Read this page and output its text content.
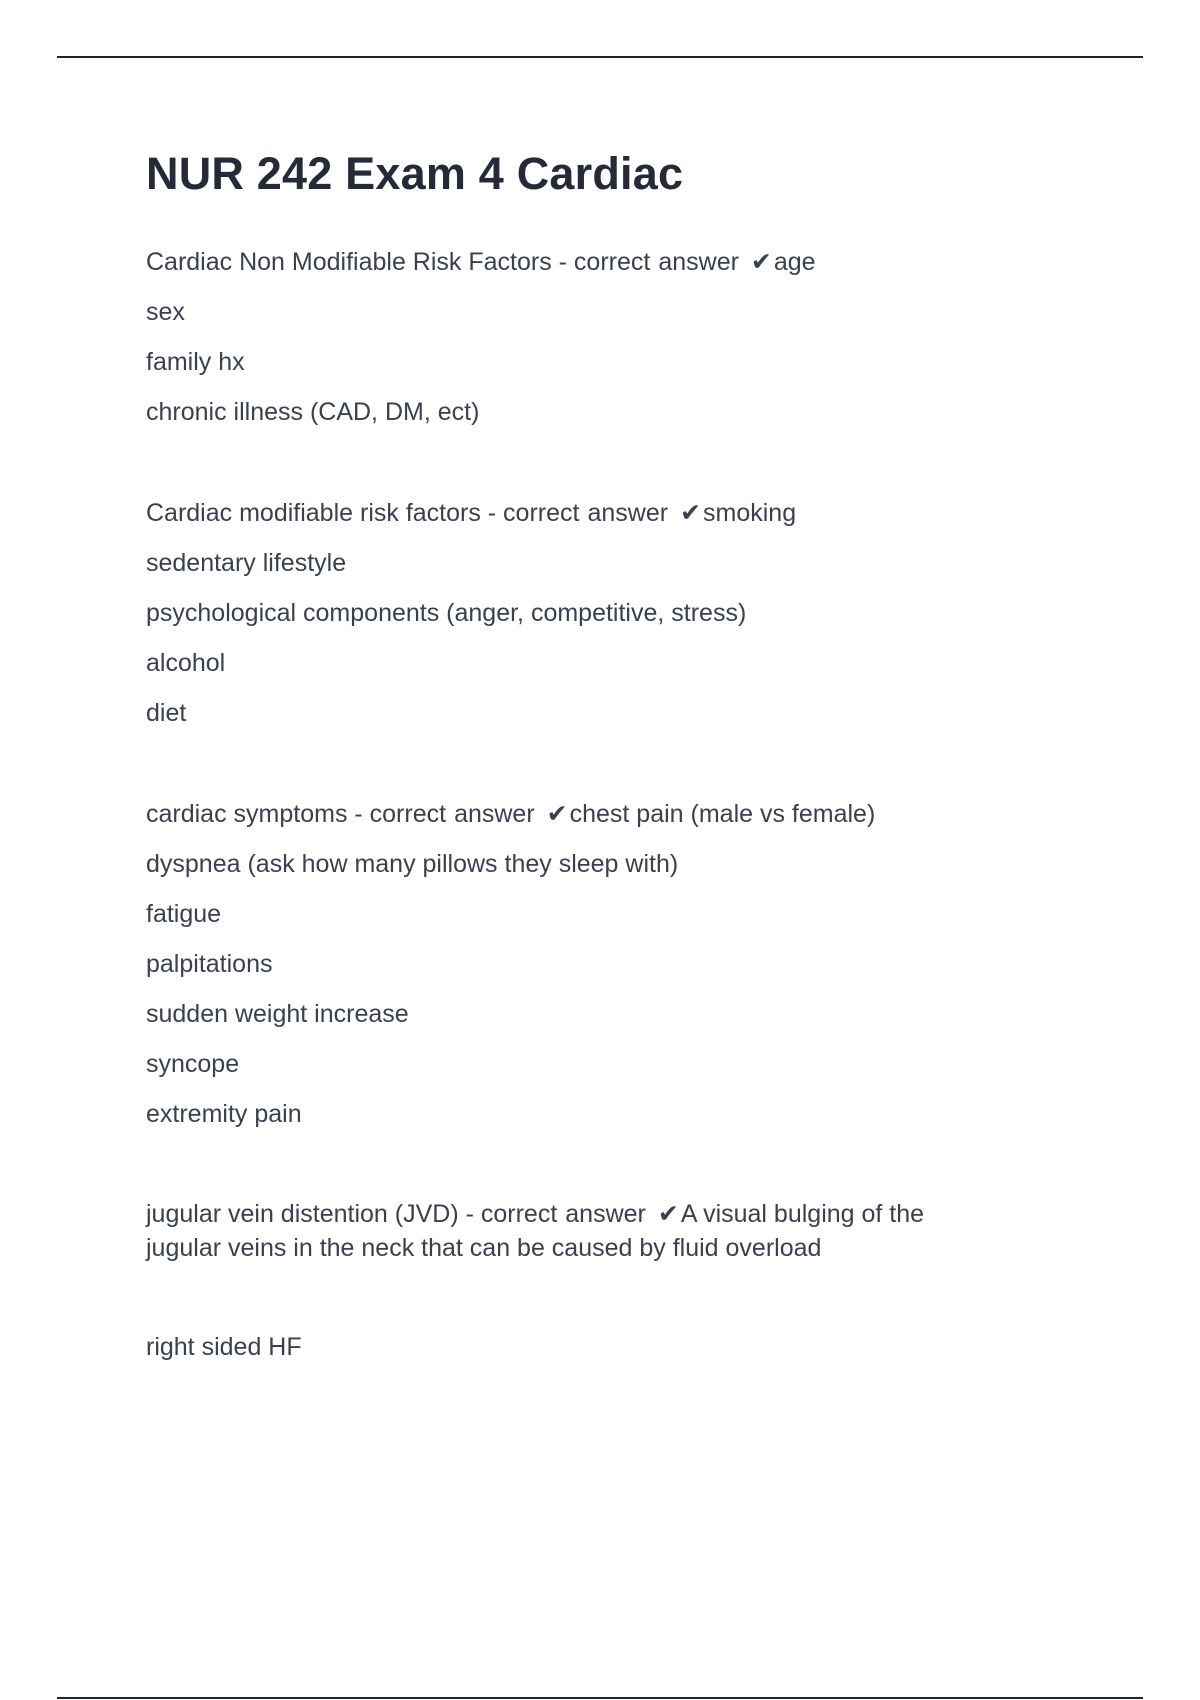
NUR 242 Exam 4 Cardiac

Cardiac Non Modifiable Risk Factors - correct answer ✔age

sex

family hx

chronic illness (CAD, DM, ect)

Cardiac modifiable risk factors - correct answer ✔smoking

sedentary lifestyle

psychological components (anger, competitive, stress)

alcohol

diet

cardiac symptoms - correct answer ✔chest pain (male vs female)

dyspnea (ask how many pillows they sleep with)

fatigue

palpitations

sudden weight increase

syncope

extremity pain

jugular vein distention (JVD) - correct answer ✔A visual bulging of the
jugular veins in the neck that can be caused by fluid overload

right sided HF
